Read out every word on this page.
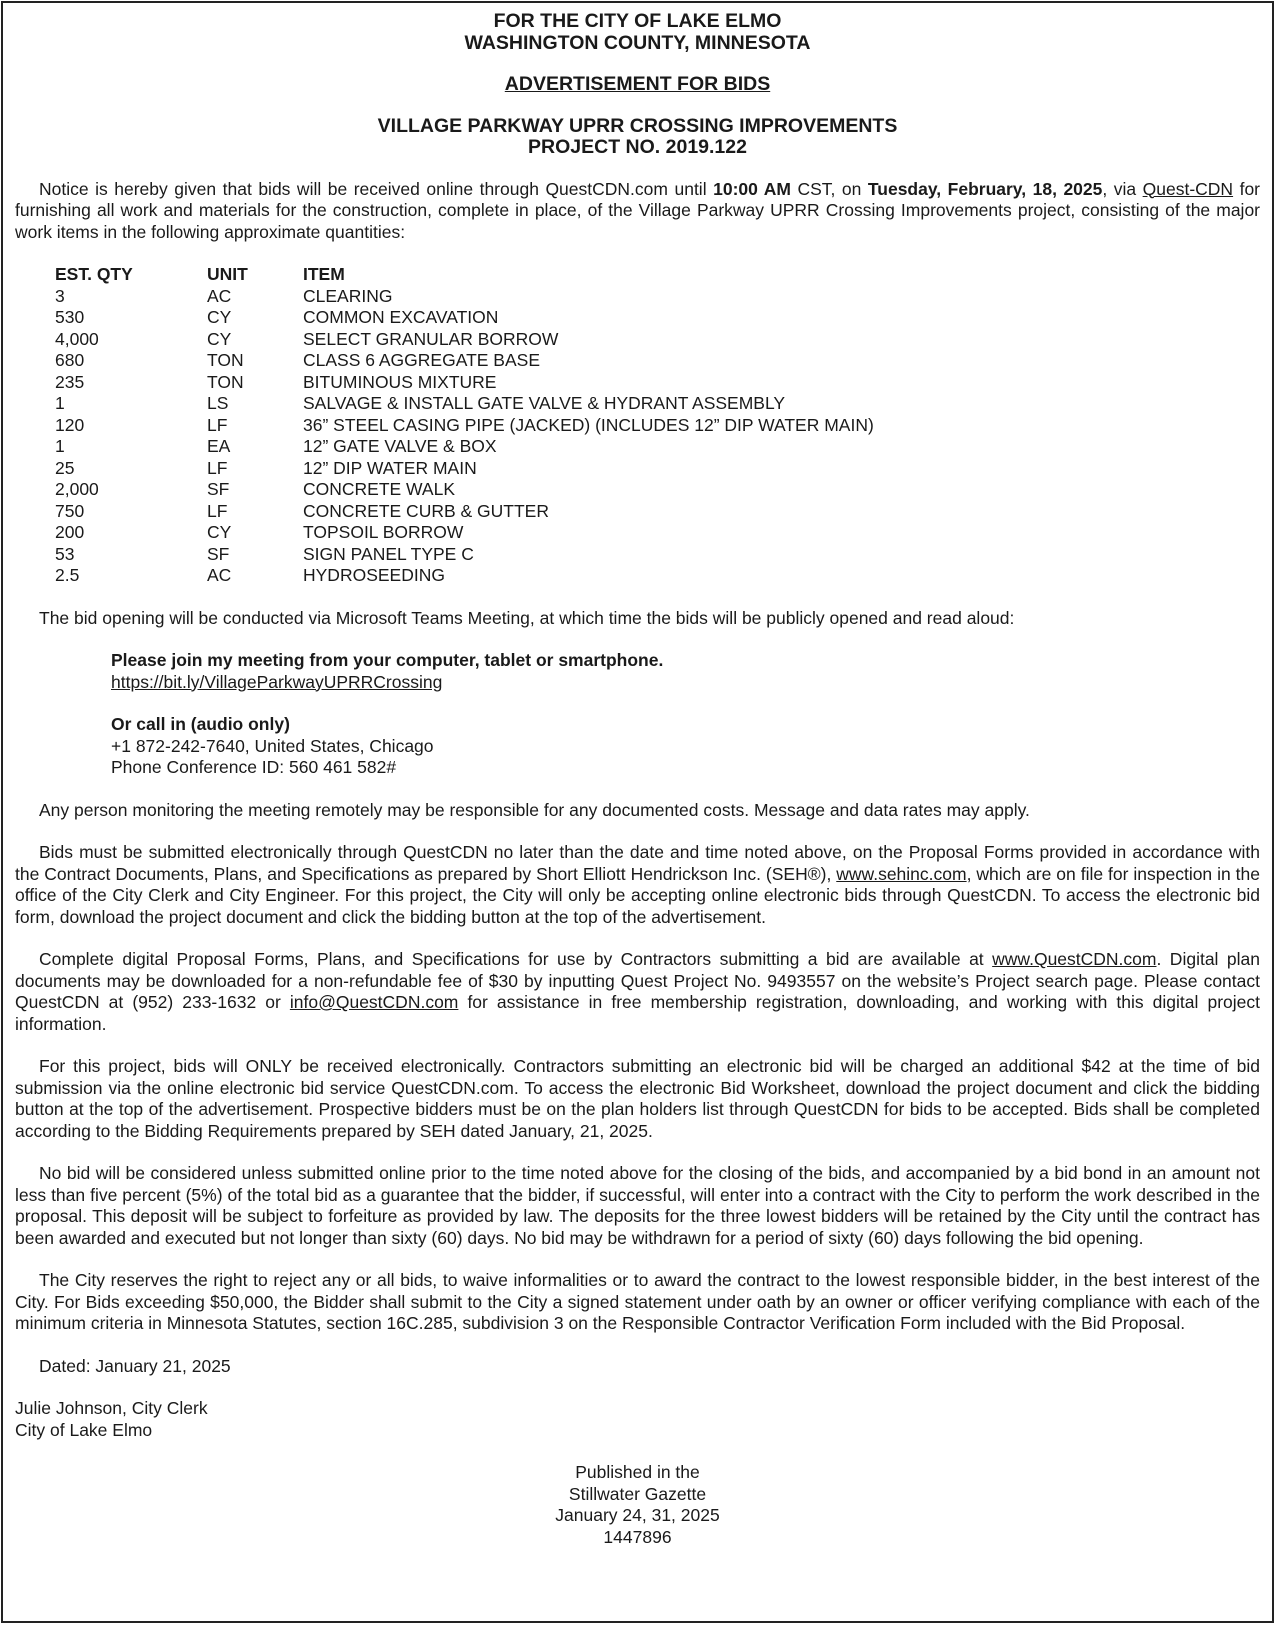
FOR THE CITY OF LAKE ELMO
WASHINGTON COUNTY, MINNESOTA
ADVERTISEMENT FOR BIDS
VILLAGE PARKWAY UPRR CROSSING IMPROVEMENTS
PROJECT NO. 2019.122

Notice is hereby given that bids will be received online through QuestCDN.com until 10:00 AM CST, on Tuesday, February, 18, 2025, via Quest-CDN for furnishing all work and materials for the construction, complete in place, of the Village Parkway UPRR Crossing Improvements project, consisting of the major work items in the following approximate quantities:

EST. QTY	UNIT	ITEM
3	AC	CLEARING
530	CY	COMMON EXCAVATION
4,000	CY	SELECT GRANULAR BORROW
680	TON	CLASS 6 AGGREGATE BASE
235	TON	BITUMINOUS MIXTURE
1	LS	SALVAGE & INSTALL GATE VALVE & HYDRANT ASSEMBLY
120	LF	36” STEEL CASING PIPE (JACKED) (INCLUDES 12” DIP WATER MAIN)
1	EA	12” GATE VALVE & BOX
25	LF	12” DIP WATER MAIN
2,000	SF	CONCRETE WALK
750	LF	CONCRETE CURB & GUTTER
200	CY	TOPSOIL BORROW
53	SF	SIGN PANEL TYPE C
2.5	AC	HYDROSEEDING

The bid opening will be conducted via Microsoft Teams Meeting, at which time the bids will be publicly opened and read aloud:

Please join my meeting from your computer, tablet or smartphone.
https://bit.ly/VillageParkwayUPRRCrossing
Or call in (audio only)
+1 872-242-7640, United States, Chicago
Phone Conference ID: 560 461 582#

Any person monitoring the meeting remotely may be responsible for any documented costs. Message and data rates may apply.

Bids must be submitted electronically through QuestCDN no later than the date and time noted above, on the Proposal Forms provided in accordance with the Contract Documents, Plans, and Specifications as prepared by Short Elliott Hendrickson Inc. (SEH®), www.sehinc.com, which are on file for inspection in the office of the City Clerk and City Engineer. For this project, the City will only be accepting online electronic bids through QuestCDN. To access the electronic bid form, download the project document and click the bidding button at the top of the advertisement.

Complete digital Proposal Forms, Plans, and Specifications for use by Contractors submitting a bid are available at www.QuestCDN.com. Digital plan documents may be downloaded for a non-refundable fee of $30 by inputting Quest Project No. 9493557 on the website’s Project search page. Please contact QuestCDN at (952) 233-1632 or info@QuestCDN.com for assistance in free membership registration, downloading, and working with this digital project information.

For this project, bids will ONLY be received electronically. Contractors submitting an electronic bid will be charged an additional $42 at the time of bid submission via the online electronic bid service QuestCDN.com. To access the electronic Bid Worksheet, download the project document and click the bidding button at the top of the advertisement. Prospective bidders must be on the plan holders list through QuestCDN for bids to be accepted. Bids shall be completed according to the Bidding Requirements prepared by SEH dated January, 21, 2025.

No bid will be considered unless submitted online prior to the time noted above for the closing of the bids, and accompanied by a bid bond in an amount not less than five percent (5%) of the total bid as a guarantee that the bidder, if successful, will enter into a contract with the City to perform the work described in the proposal. This deposit will be subject to forfeiture as provided by law. The deposits for the three lowest bidders will be retained by the City until the contract has been awarded and executed but not longer than sixty (60) days. No bid may be withdrawn for a period of sixty (60) days following the bid opening.

The City reserves the right to reject any or all bids, to waive informalities or to award the contract to the lowest responsible bidder, in the best interest of the City. For Bids exceeding $50,000, the Bidder shall submit to the City a signed statement under oath by an owner or officer verifying compliance with each of the minimum criteria in Minnesota Statutes, section 16C.285, subdivision 3 on the Responsible Contractor Verification Form included with the Bid Proposal.

Dated: January 21, 2025

Julie Johnson, City Clerk
City of Lake Elmo
Published in the
Stillwater Gazette
January 24, 31, 2025
1447896
